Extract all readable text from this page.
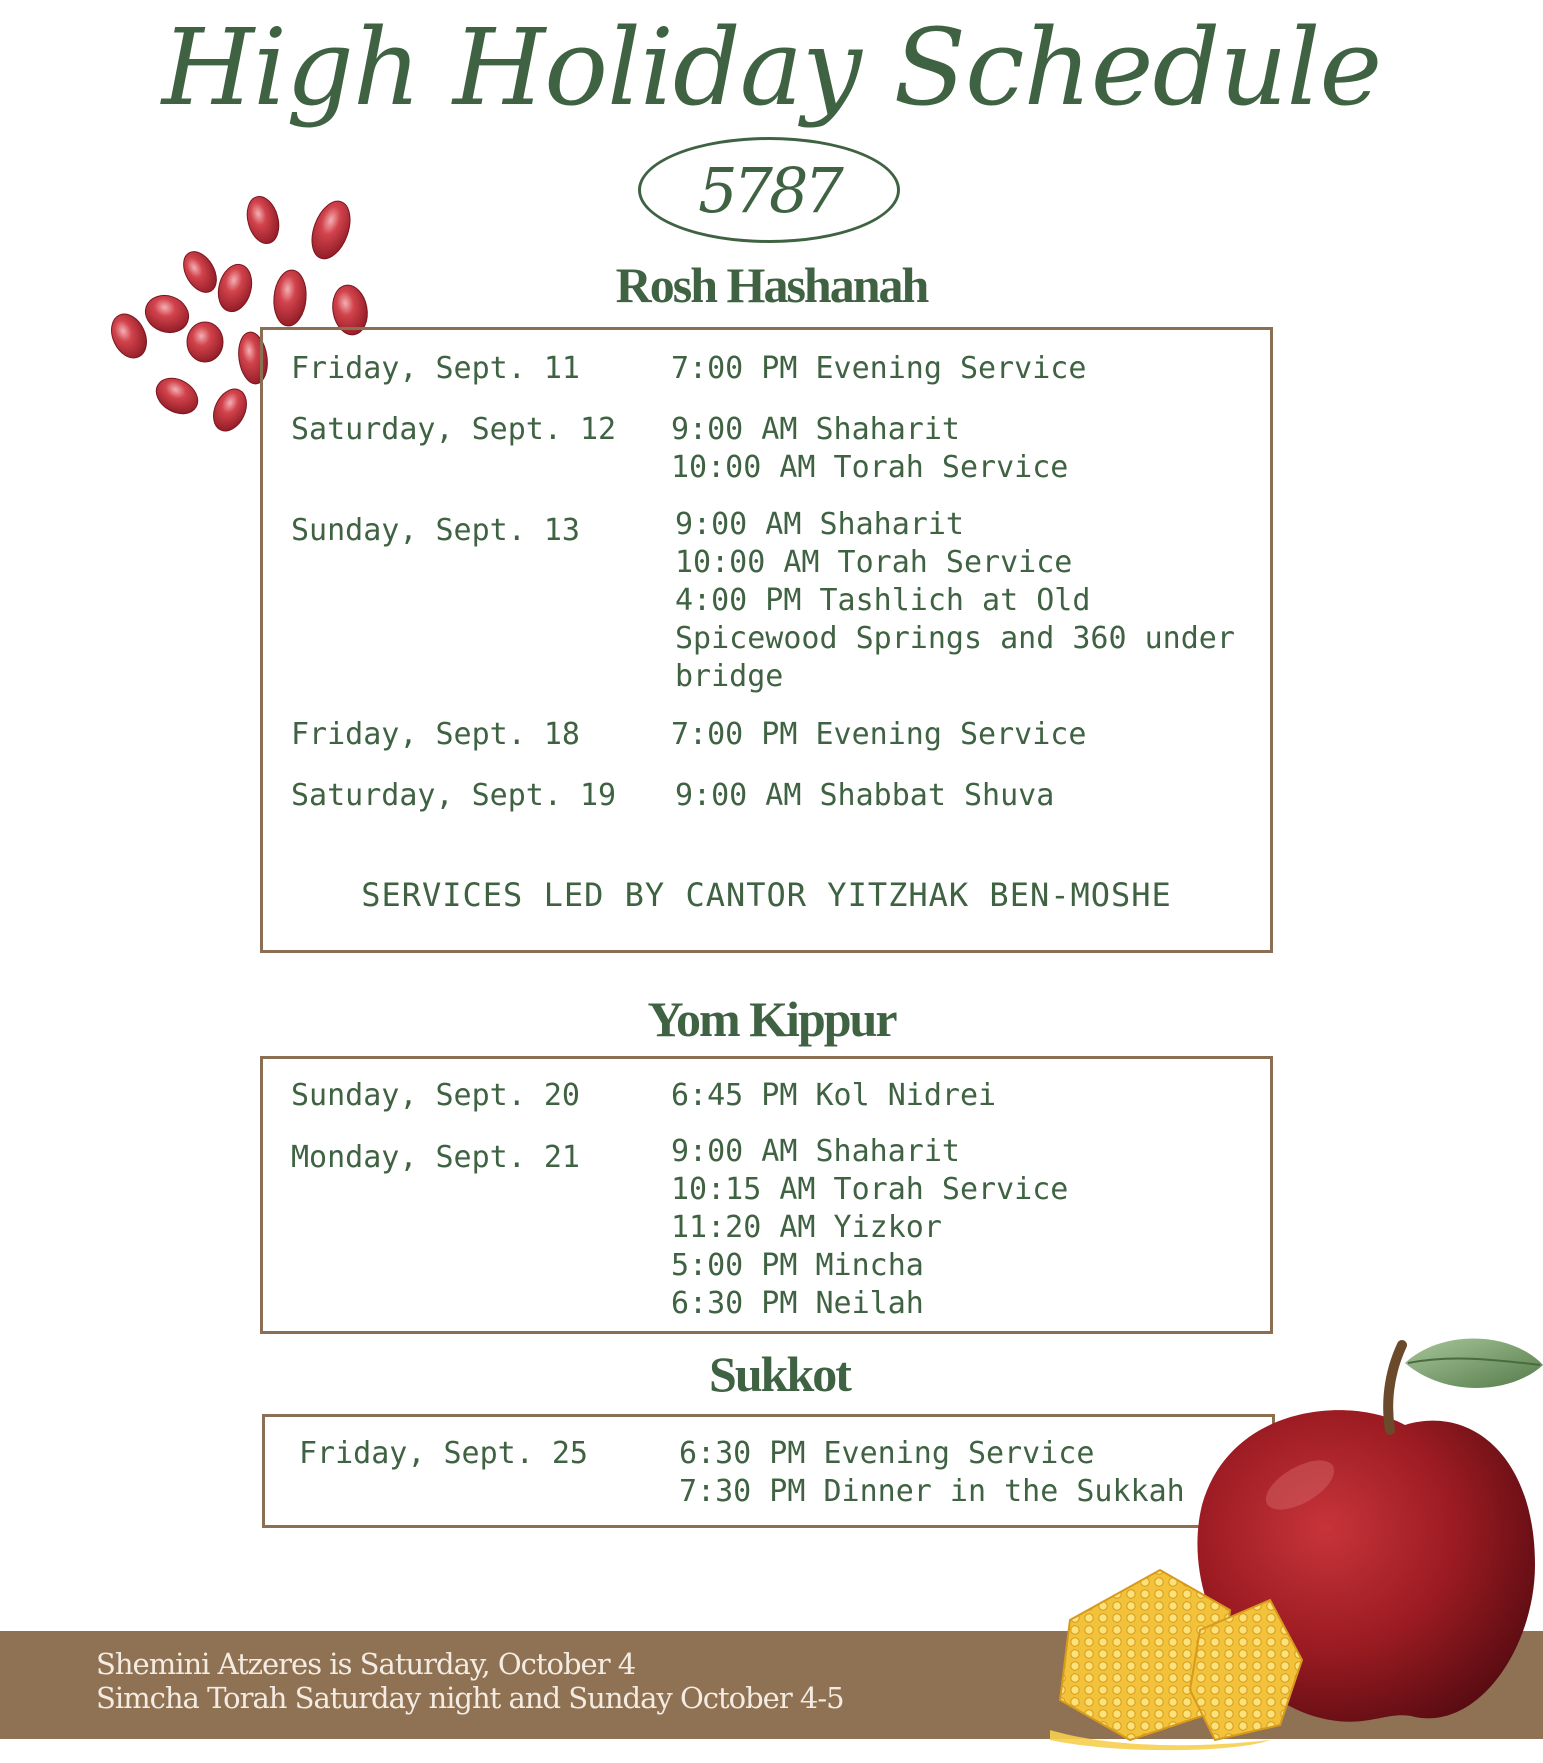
High Holiday Schedule
5787
Rosh Hashanah
Friday, Sept. 11	7:00 PM Evening Service
Saturday, Sept. 12 9:00 AM Shaharit
10:00 AM Torah Service
Sunday, Sept. 13	9:00 AM Shaharit
10:00 AM Torah Service
4:00 PM Tashlich at Old
Spicewood Springs and 360 under
bridge
Friday, Sept. 18	7:00 PM Evening Service
Saturday, Sept. 19 9:00 AM Shabbat Shuva
SERVICES LED BY CANTOR YITZHAK BEN-MOSHE
Yom Kippur
Sunday, Sept. 20	6:45 PM Kol Nidrei
Monday, Sept. 21	9:00 AM Shaharit
10:15 AM Torah Service
11:20 AM Yizkor
5:00 PM Mincha
6:30 PM Neilah
Sukkot
Friday, Sept. 25	6:30 PM Evening Service
7:30 PM Dinner in the Sukkah
Shemini Atzeres is Saturday, October 4
Simcha Torah Saturday night and Sunday October 4-5
